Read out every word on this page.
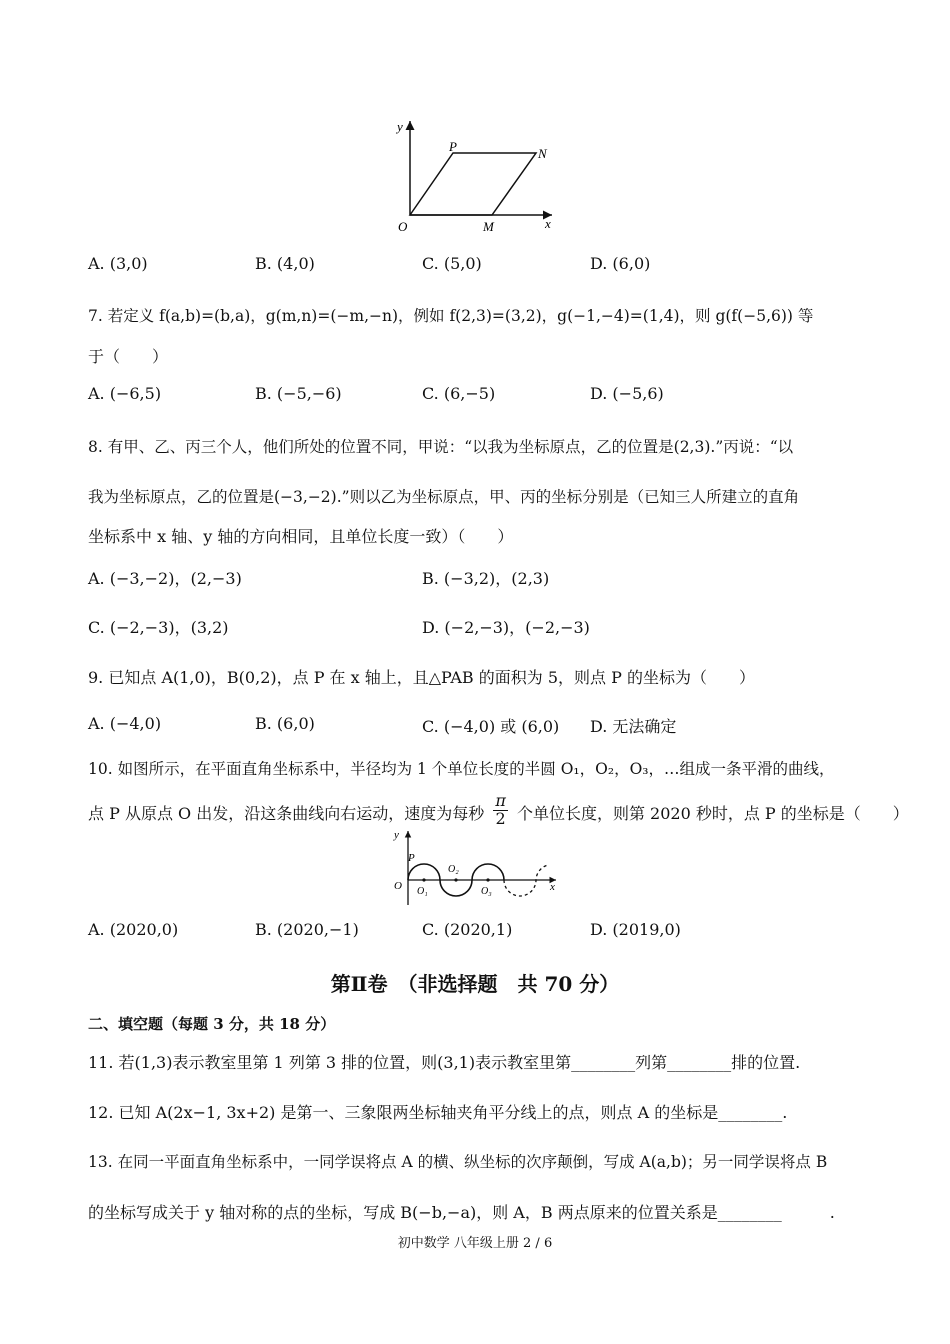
y
x
O
P	N
M
A. (3,0)	B. (4,0)	C. (5,0)	D. (6,0)
7. 若定义 f(a,b)=(b,a)，g(m,n)=(−m,−n)，例如 f(2,3)=(3,2)，g(−1,−4)=(1,4)，则 g(f(−5,6)) 等
于（　　）
A. (−6,5)	B. (−5,−6)	C. (6,−5)	D. (−5,6)
8. 有甲、乙、丙三个人，他们所处的位置不同，甲说：“以我为坐标原点，乙的位置是(2,3).”丙说：“以
我为坐标原点，乙的位置是(−3,−2).”则以乙为坐标原点，甲、丙的坐标分别是（已知三人所建立的直角
坐标系中 x 轴、y 轴的方向相同，且单位长度一致）（　　）
A. (−3,−2)，(2,−3)	B. (−3,2)，(2,3)
C. (−2,−3)，(3,2)	D. (−2,−3)，(−2,−3)
9. 已知点 A(1,0)，B(0,2)，点 P 在 x 轴上，且△PAB 的面积为 5，则点 P 的坐标为（　　）
A. (−4,0)	B. (6,0)	C. (−4,0) 或 (6,0) D. 无法确定
10. 如图所示，在平面直角坐标系中，半径均为 1 个单位长度的半圆 O₁，O₂，O₃，…组成一条平滑的曲线，
点 P 从原点 O 出发，沿这条曲线向右运动，速度为每秒 $\frac{\pi}{2}$ 个单位长度，则第 2020 秒时，点 P 的坐标是（　　）
y
x
O
P
O₁
O₂
O₃
A. (2020,0)	B. (2020,−1)	C. (2020,1)	D. (2019,0)
第Ⅱ卷　（非选择题　共 70 分）
二、填空题（每题 3 分，共 18 分）
11. 若(1,3)表示教室里第 1 列第 3 排的位置，则(3,1)表示教室里第________列第________排的位置.
12. 已知 A(2x−1, 3x+2) 是第一、三象限两坐标轴夹角平分线上的点，则点 A 的坐标是________.
13. 在同一平面直角坐标系中，一同学误将点 A 的横、纵坐标的次序颠倒，写成 A(a,b)；另一同学误将点 B
的坐标写成关于 y 轴对称的点的坐标，写成 B(−b,−a)，则 A，B 两点原来的位置关系是________　　　.
初中数学 八年级上册 2 / 6
